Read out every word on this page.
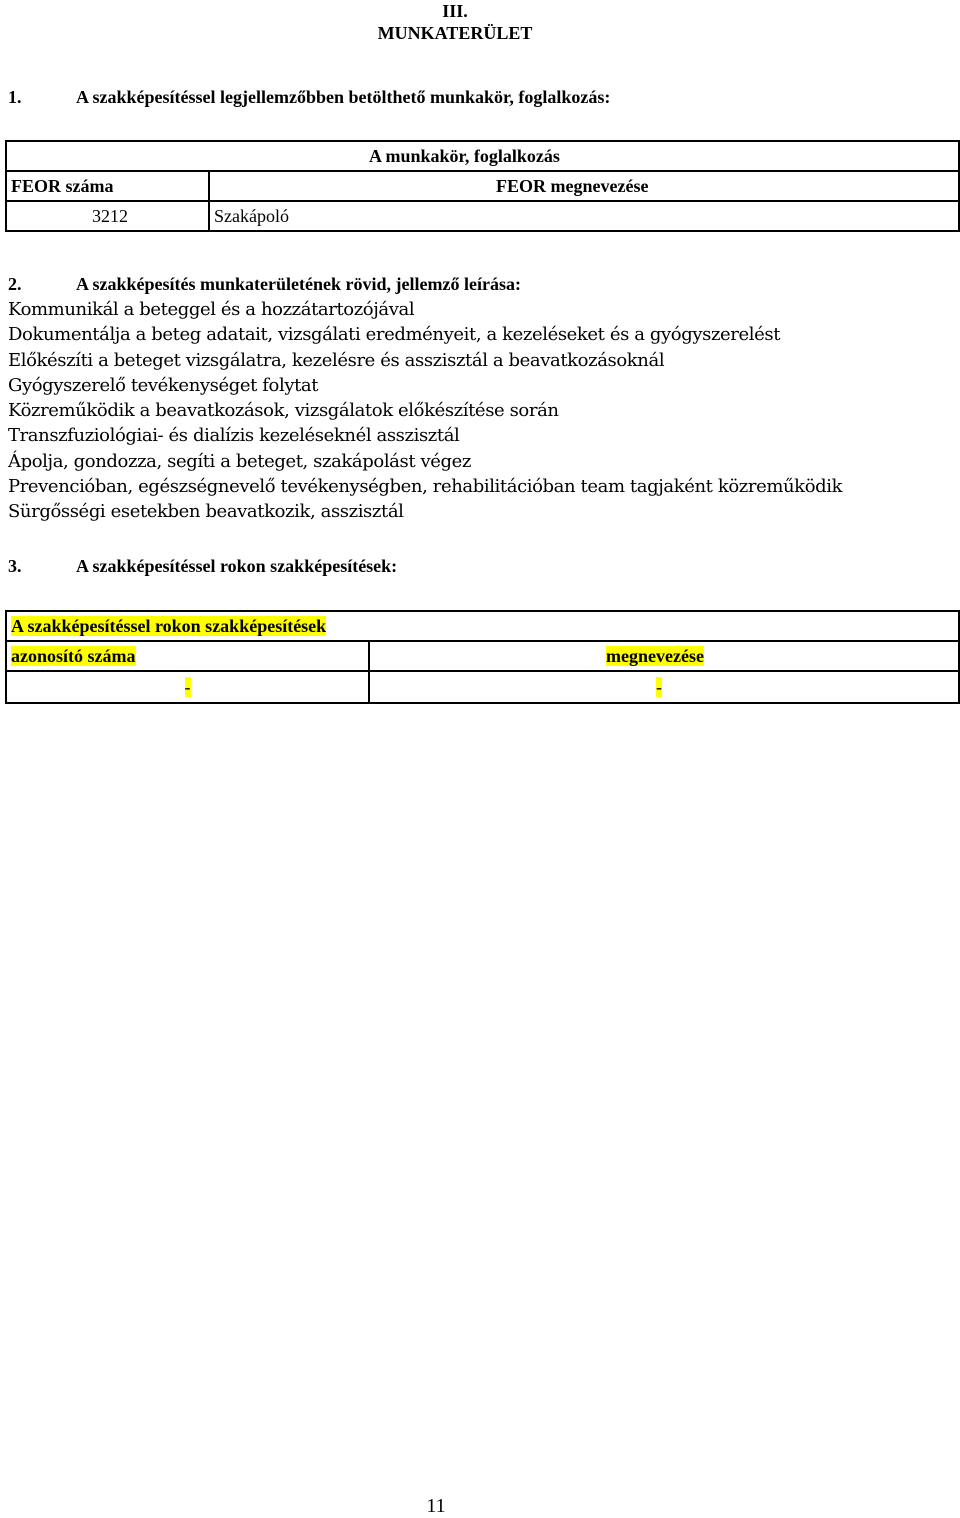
III.
MUNKATERÜLET
1.	A szakképesítéssel legjellemzőbben betölthető munkakör, foglalkozás:
	A munkakör, foglalkozás
FEOR száma	FEOR megnevezése
3212	Szakápoló
2.	A szakképesítés munkaterületének rövid, jellemző leírása:
Kommunikál a beteggel és a hozzátartozójával
Dokumentálja a beteg adatait, vizsgálati eredményeit, a kezeléseket és a gyógyszerelést
Előkészíti a beteget vizsgálatra, kezelésre és asszisztál a beavatkozásoknál
Gyógyszerelő tevékenységet folytat
Közreműködik a beavatkozások, vizsgálatok előkészítése során
Transzfuziológiai- és dialízis kezeléseknél asszisztál
Ápolja, gondozza, segíti a beteget, szakápolást végez
Prevencióban, egészségnevelő tevékenységben, rehabilitációban team tagjaként közreműködik
Sürgősségi esetekben beavatkozik, asszisztál
3.	A szakképesítéssel rokon szakképesítések:
A szakképesítéssel rokon szakképesítések	
azonosító száma	megnevezése
-	-
11
